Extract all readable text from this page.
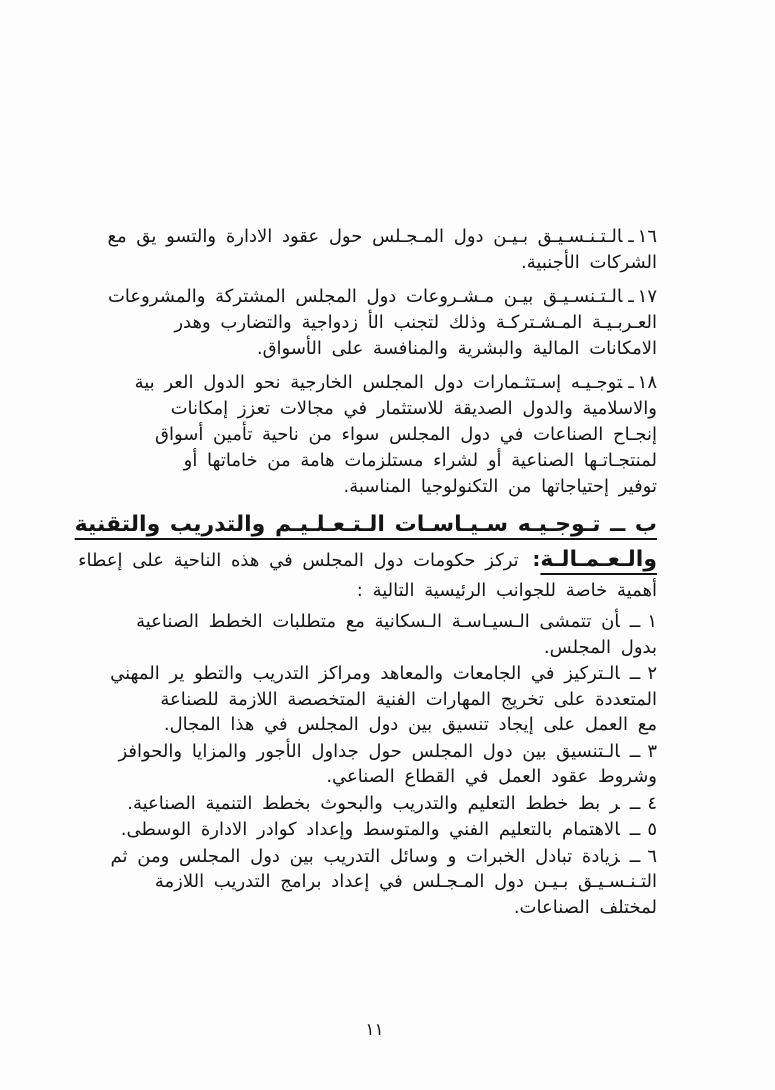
١٦ـالـتـنـسـيـق بـيـن دول المـجـلس حول عقود الادارة والتسو يق مع
الشركات الأجنبية.
١٧ـالـتـنسـيـق بيـن مـشـروعات دول المجلس المشتركة والمشروعات
العـربـيـة المـشـتركـة وذلك لتجنب الأ زدواجية والتضارب وهدر
الامكانات المالية والبشرية والمنافسة على الأسواق.
١٨ـتوجـيـه إسـتثـمارات دول المجلس الخارجية نحو الدول العر بية
والاسلامية والدول الصديقة للاستثمار في مجالات تعزز إمكانات
إنجـاح الصناعات في دول المجلس سواء من ناحية تأمين أسواق
لمنتجـاتـها الصناعية أو لشراء مستلزمات هامة من خاماتها أو
توفير إحتياجاتها من التكنولوجيا المناسبة.
ب ــ تـوجـيـه سـيـاسـات الـتـعـلـيـم والتدريب والتقنية
والـعـمـالـة: تركز حكومات دول المجلس في هذه الناحية على إعطاء
أهمية خاصة للجوانب الرئيسية التالية :
١ــأن تتمشى الـسيـاسـة الـسكانية مع متطلبات الخطط الصناعية
بدول المجلس.
٢ــالـتركيز في الجامعات والمعاهد ومراكز التدريب والتطو ير المهني
المتعددة على تخريج المهارات الفنية المتخصصة اللازمة للصناعة
مع العمل على إيجاد تنسيق بين دول المجلس في هذا المجال.
٣ــالـتنسيق بين دول المجلس حول جداول الأجور والمزايا والحوافز
وشروط عقود العمل في القطاع الصناعي.
٤ــر بط خطط التعليم والتدريب والبحوث بخطط التنمية الصناعية.
٥ــالاهتمام بالتعليم الفني والمتوسط وإعداد كوادر الادارة الوسطى.
٦ــزيادة تبادل الخبرات و وسائل التدريب بين دول المجلس ومن ثم
التـنـسـيـق بـيـن دول المـجـلس في إعداد برامج التدريب اللازمة
لمختلف الصناعات.
١١
